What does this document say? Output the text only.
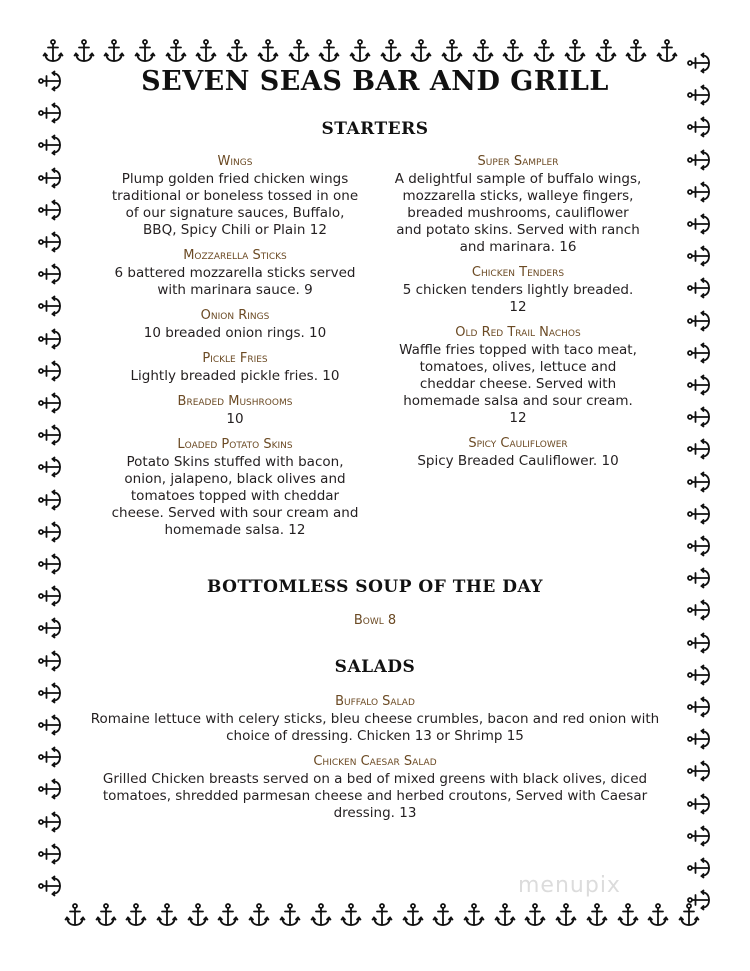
SEVEN SEAS BAR AND GRILL
STARTERS
Wings
Plump golden fried chicken wings traditional or boneless tossed in one of our signature sauces, Buffalo, BBQ, Spicy Chili or Plain 12
Mozzarella Sticks
6 battered mozzarella sticks served with marinara sauce. 9
Onion Rings
10 breaded onion rings. 10
Pickle Fries
Lightly breaded pickle fries. 10
Breaded Mushrooms
10
Loaded Potato Skins
Potato Skins stuffed with bacon, onion, jalapeno, black olives and tomatoes topped with cheddar cheese. Served with sour cream and homemade salsa. 12
Super Sampler
A delightful sample of buffalo wings, mozzarella sticks, walleye fingers, breaded mushrooms, cauliflower and potato skins. Served with ranch and marinara. 16
Chicken Tenders
5 chicken tenders lightly breaded. 12
Old Red Trail Nachos
Waffle fries topped with taco meat, tomatoes, olives, lettuce and cheddar cheese. Served with homemade salsa and sour cream. 12
Spicy Cauliflower
Spicy Breaded Cauliflower. 10
BOTTOMLESS SOUP OF THE DAY
Bowl 8
SALADS
Buffalo Salad
Romaine lettuce with celery sticks, bleu cheese crumbles, bacon and red onion with choice of dressing. Chicken 13 or Shrimp 15
Chicken Caesar Salad
Grilled Chicken breasts served on a bed of mixed greens with black olives, diced tomatoes, shredded parmesan cheese and herbed croutons, Served with Caesar dressing. 13
menupix
